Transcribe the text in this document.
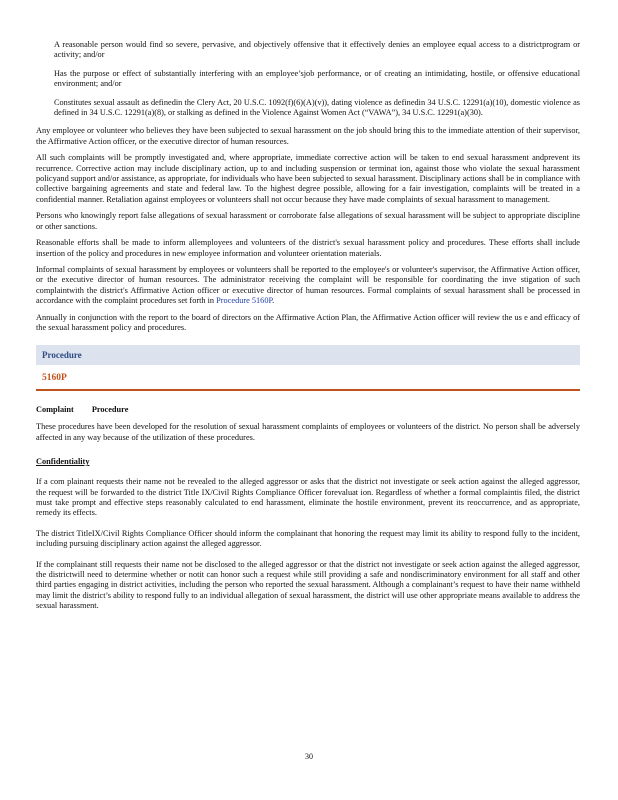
A reasonable person would find so severe, pervasive, and objectively offensive that it effectively denies an employee equal access to a districtprogram or activity; and/or

Has the purpose or effect of substantially interfering with an employee’sjob performance, or of creating an intimidating, hostile, or offensive educational environment; and/or

Constitutes sexual assault as definedin the Clery Act, 20 U.S.C. 1092(f)(6)(A)(v)), dating violence as definedin 34 U.S.C. 12291(a)(10), domestic violence as defined in 34 U.S.C. 12291(a)(8), or stalking as defined in the Violence Against Women Act (“VAWA”), 34 U.S.C. 12291(a)(30).

Any employee or volunteer who believes they have been subjected to sexual harassment on the job should bring this to the immediate attention of their supervisor, the Affirmative Action officer, or the executive director of human resources.

All such complaints will be promptly investigated and, where appropriate, immediate corrective action will be taken to end sexual harassment andprevent its recurrence. Corrective action may include disciplinary action, up to and including suspension or terminat ion, against those who violate the sexual harassment policyand support and/or assistance, as appropriate, for individuals who have been subjected to sexual harassment. Disciplinary actions shall be in compliance with collective bargaining agreements and state and federal law. To the highest degree possible, allowing for a fair investigation, complaints will be treated in a confidential manner. Retaliation against employees or volunteers shall not occur because they have made complaints of sexual harassment to management.

Persons who knowingly report false allegations of sexual harassment or corroborate false allegations of sexual harassment will be subject to appropriate discipline or other sanctions.

Reasonable efforts shall be made to inform allemployees and volunteers of the district's sexual harassment policy and procedures. These efforts shall include insertion of the policy and procedures in new employee information and volunteer orientation materials.

Informal complaints of sexual harassment by employees or volunteers shall be reported to the employee's or volunteer's supervisor, the Affirmative Action officer, or the executive director of human resources. The administrator receiving the complaint will be responsible for coordinating the inve stigation of such complaintwith the district's Affirmative Action officer or executive director of human resources. Formal complaints of sexual harassment shall be processed in accordance with the complaint procedures set forth in Procedure 5160P.

Annually in conjunction with the report to the board of directors on the Affirmative Action Plan, the Affirmative Action officer will review the us e and efficacy of the sexual harassment policy and procedures.

Procedure
5160P
Complaint Procedure

These procedures have been developed for the resolution of sexual harassment complaints of employees or volunteers of the district. No person shall be adversely affected in any way because of the utilization of these procedures.

Confidentiality

If a com plainant requests their name not be revealed to the alleged aggressor or asks that the district not investigate or seek action against the alleged aggressor, the request will be forwarded to the district Title IX/Civil Rights Compliance Officer forevaluat ion. Regardless of whether a formal complaintis filed, the district must take prompt and effective steps reasonably calculated to end harassment, eliminate the hostile environment, prevent its reoccurrence, and as appropriate, remedy its effects.

The district TitleIX/Civil Rights Compliance Officer should inform the complainant that honoring the request may limit its ability to respond fully to the incident, including pursuing disciplinary action against the alleged aggressor.

If the complainant still requests their name not be disclosed to the alleged aggressor or that the district not investigate or seek action against the alleged aggressor, the districtwill need to determine whether or notit can honor such a request while still providing a safe and nondiscriminatory environment for all staff and other third parties engaging in district activities, including the person who reported the sexual harassment. Although a complainant’s request to have their name withheld may limit the district’s ability to respond fully to an individual allegation of sexual harassment, the district will use other appropriate means available to address the sexual harassment.

30
